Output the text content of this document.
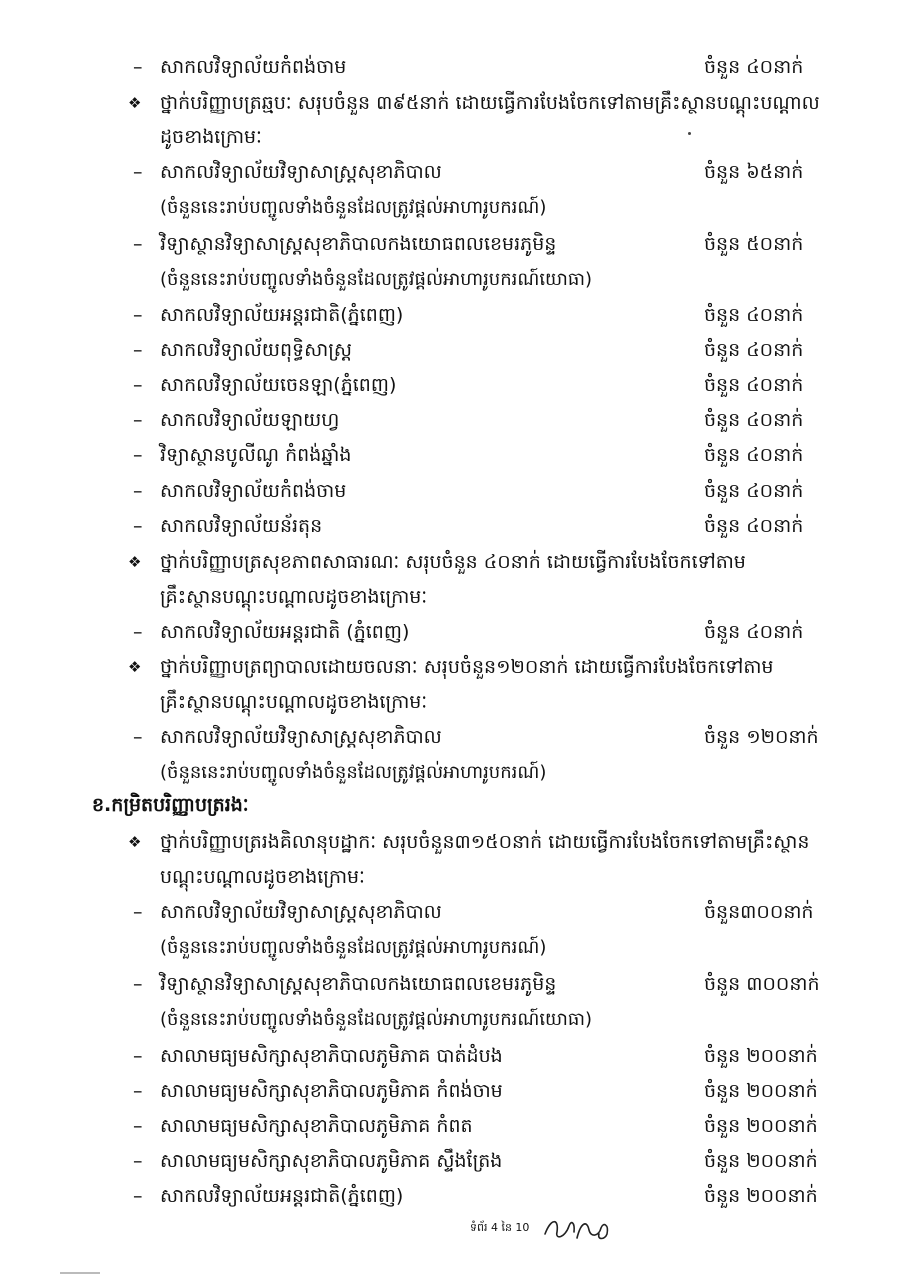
– សាកលវិទ្យាល័យកំពង់ចាម	ចំនួន ៤០នាក់
❖ ថ្នាក់បរិញ្ញាបត្រឆ្មបៈ សរុបចំនួន ៣៩៥នាក់ ដោយធ្វើការបែងចែកទៅតាមគ្រឹះស្ថានបណ្តុះបណ្តាល
ដូចខាងក្រោមៈ
– សាកលវិទ្យាល័យវិទ្យាសាស្ត្រសុខាភិបាល	ចំនួន ៦៥នាក់
(ចំនួននេះរាប់បញ្ចូលទាំងចំនួនដែលត្រូវផ្តល់អាហារូបករណ៍)
– វិទ្យាស្ថានវិទ្យាសាស្ត្រសុខាភិបាលកងយោធពលខេមរភូមិន្ទ	ចំនួន ៥០នាក់
(ចំនួននេះរាប់បញ្ចូលទាំងចំនួនដែលត្រូវផ្តល់អាហារូបករណ៍យោធា)
– សាកលវិទ្យាល័យអន្តរជាតិ(ភ្នំពេញ)	ចំនួន ៤០នាក់
– សាកលវិទ្យាល័យពុទ្ធិសាស្ត្រ	ចំនួន ៤០នាក់
– សាកលវិទ្យាល័យចេនឡា(ភ្នំពេញ)	ចំនួន ៤០នាក់
– សាកលវិទ្យាល័យឡាយហ្វ	ចំនួន ៤០នាក់
– វិទ្យាស្ថានបូលីណូ កំពង់ឆ្នាំង	ចំនួន ៤០នាក់
– សាកលវិទ្យាល័យកំពង់ចាម	ចំនួន ៤០នាក់
– សាកលវិទ្យាល័យន័រតុន	ចំនួន ៤០នាក់
❖ ថ្នាក់បរិញ្ញាបត្រសុខភាពសាធារណៈ សរុបចំនួន ៤០នាក់ ដោយធ្វើការបែងចែកទៅតាម
គ្រឹះស្ថានបណ្តុះបណ្តាលដូចខាងក្រោមៈ
– សាកលវិទ្យាល័យអន្តរជាតិ (ភ្នំពេញ)	ចំនួន ៤០នាក់
❖ ថ្នាក់បរិញ្ញាបត្រព្យាបាលដោយចលនាៈ សរុបចំនួន១២០នាក់ ដោយធ្វើការបែងចែកទៅតាម
គ្រឹះស្ថានបណ្តុះបណ្តាលដូចខាងក្រោមៈ
– សាកលវិទ្យាល័យវិទ្យាសាស្ត្រសុខាភិបាល	ចំនួន ១២០នាក់
(ចំនួននេះរាប់បញ្ចូលទាំងចំនួនដែលត្រូវផ្តល់អាហារូបករណ៍)
ខ.កម្រិតបរិញ្ញាបត្ររងៈ
❖ ថ្នាក់បរិញ្ញាបត្ររងគិលានុបដ្ឋាកៈ សរុបចំនួន៣១៥០នាក់ ដោយធ្វើការបែងចែកទៅតាមគ្រឹះស្ថាន
បណ្តុះបណ្តាលដូចខាងក្រោមៈ
– សាកលវិទ្យាល័យវិទ្យាសាស្ត្រសុខាភិបាល	ចំនួន៣០០នាក់
(ចំនួននេះរាប់បញ្ចូលទាំងចំនួនដែលត្រូវផ្តល់អាហារូបករណ៍)
– វិទ្យាស្ថានវិទ្យាសាស្ត្រសុខាភិបាលកងយោធពលខេមរភូមិន្ទ	ចំនួន ៣០០នាក់
(ចំនួននេះរាប់បញ្ចូលទាំងចំនួនដែលត្រូវផ្តល់អាហារូបករណ៍យោធា)
– សាលាមធ្យមសិក្សាសុខាភិបាលភូមិភាគ បាត់ដំបង	ចំនួន ២០០នាក់
– សាលាមធ្យមសិក្សាសុខាភិបាលភូមិភាគ កំពង់ចាម	ចំនួន ២០០នាក់
– សាលាមធ្យមសិក្សាសុខាភិបាលភូមិភាគ កំពត	ចំនួន ២០០នាក់
– សាលាមធ្យមសិក្សាសុខាភិបាលភូមិភាគ ស្ទឹងត្រែង	ចំនួន ២០០នាក់
– សាកលវិទ្យាល័យអន្តរជាតិ(ភ្នំពេញ)	ចំនួន ២០០នាក់
ទំព័រ 4 នៃ 10
